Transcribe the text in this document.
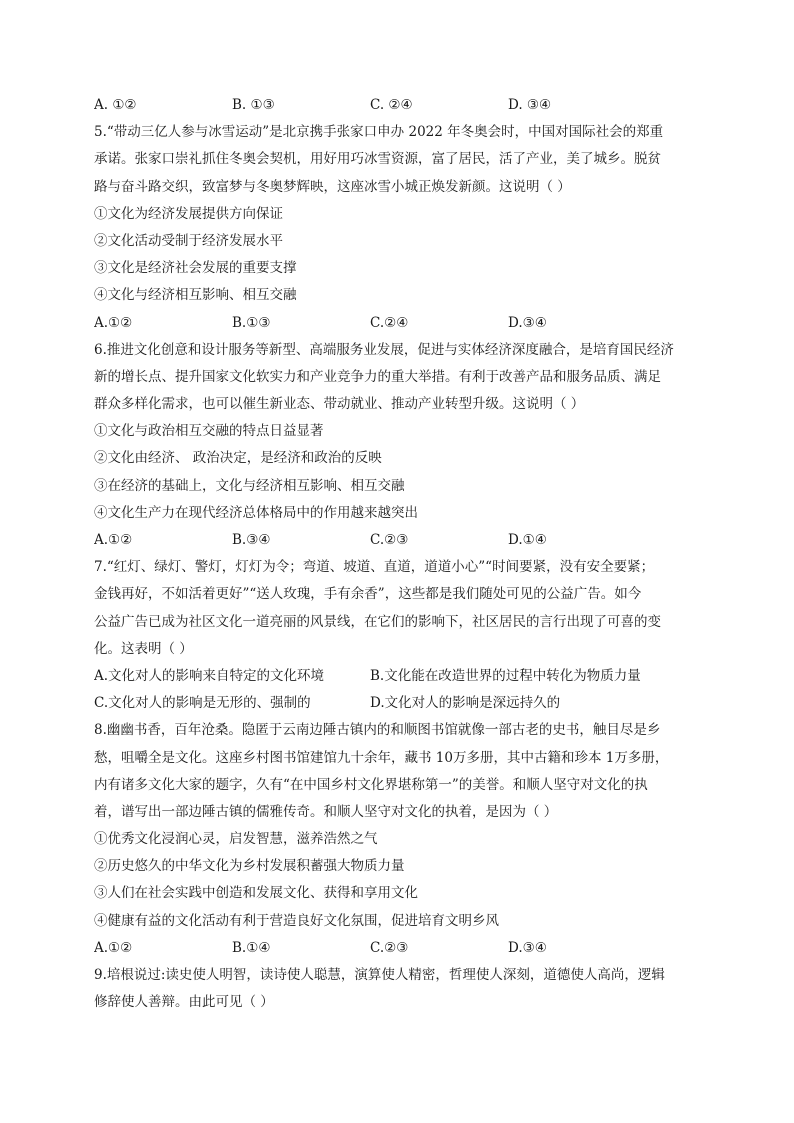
A. ①②	B. ①③	C. ②④	D. ③④
5.“带动三亿人参与冰雪运动”是北京携手张家口申办 2022 年冬奥会时，中国对国际社会的郑重
承诺。张家口崇礼抓住冬奥会契机，用好用巧冰雪资源，富了居民，活了产业，美了城乡。脱贫
路与奋斗路交织，致富梦与冬奥梦辉映，这座冰雪小城正焕发新颜。这说明（ ）
①文化为经济发展提供方向保证
②文化活动受制于经济发展水平
③文化是经济社会发展的重要支撑
④文化与经济相互影响、相互交融
A.①②	B.①③	C.②④	D.③④
6.推进文化创意和设计服务等新型、高端服务业发展，促进与实体经济深度融合，是培育国民经济
新的增长点、提升国家文化软实力和产业竞争力的重大举措。有利于改善产品和服务品质、满足
群众多样化需求，也可以催生新业态、带动就业、推动产业转型升级。这说明（ ）
①文化与政治相互交融的特点日益显著
②文化由经济、 政治决定，是经济和政治的反映
③在经济的基础上，文化与经济相互影响、相互交融
④文化生产力在现代经济总体格局中的作用越来越突出
A.①②	B.③④	C.②③	D.①④
7.“红灯、绿灯、警灯，灯灯为令；弯道、坡道、直道，道道小心”“时间要紧，没有安全要紧；
金钱再好，不如活着更好”“送人玫瑰，手有余香”，这些都是我们随处可见的公益广告。如今
公益广告已成为社区文化一道亮丽的风景线，在它们的影响下，社区居民的言行出现了可喜的变
化。这表明（ ）
A.文化对人的影响来自特定的文化环境	B.文化能在改造世界的过程中转化为物质力量
C.文化对人的影响是无形的、强制的	D.文化对人的影响是深远持久的
8.幽幽书香，百年沧桑。隐匿于云南边陲古镇内的和顺图书馆就像一部古老的史书，触目尽是乡
愁，咀嚼全是文化。这座乡村图书馆建馆九十余年，藏书 10万多册，其中古籍和珍本 1万多册，
内有诸多文化大家的题字，久有“在中国乡村文化界堪称第一”的美誉。和顺人坚守对文化的执
着，谱写出一部边陲古镇的儒雅传奇。和顺人坚守对文化的执着，是因为（ ）
①优秀文化浸润心灵，启发智慧，滋养浩然之气
②历史悠久的中华文化为乡村发展积蓄强大物质力量
③人们在社会实践中创造和发展文化、获得和享用文化
④健康有益的文化活动有利于营造良好文化氛围，促进培育文明乡风
A.①②	B.①④	C.②③	D.③④
9.培根说过:读史使人明智，读诗使人聪慧，演算使人精密，哲理使人深刻，道德使人高尚，逻辑
修辞使人善辩。由此可见（ ）
